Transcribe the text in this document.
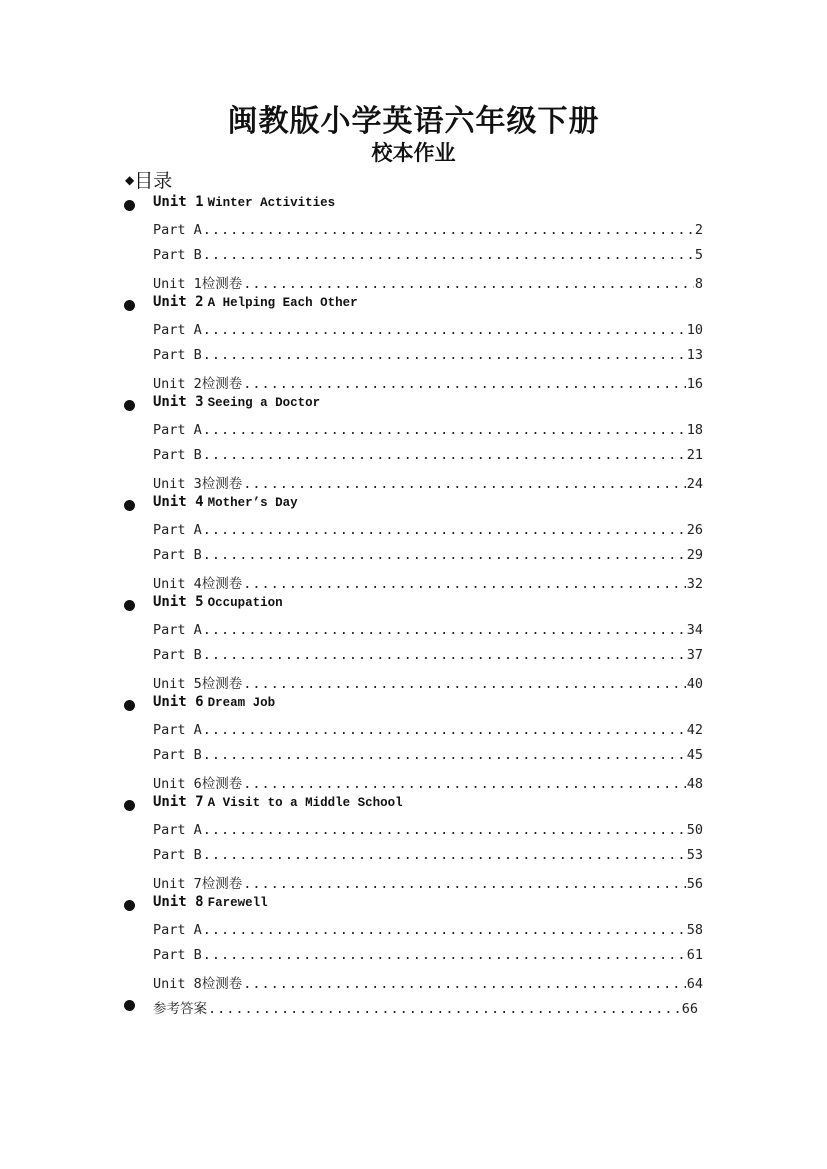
闽教版小学英语六年级下册
校本作业
◆目录
Unit 1 Winter Activities
Part A .....	2
Part B .....	5
Unit 1检测卷 .....	8
Unit 2 A Helping Each Other
Part A .....	10
Part B .....	13
Unit 2检测卷 .....	16
Unit 3 Seeing a Doctor
Part A .....	18
Part B .....	21
Unit 3检测卷 .....	24
Unit 4 Mother’s Day
Part A .....	26
Part B .....	29
Unit 4检测卷 .....	32
Unit 5 Occupation
Part A .....	34
Part B .....	37
Unit 5检测卷 .....	40
Unit 6 Dream Job
Part A .....	42
Part B .....	45
Unit 6检测卷 .....	48
Unit 7 A Visit to a Middle School
Part A .....	50
Part B .....	53
Unit 7检测卷 .....	56
Unit 8 Farewell
Part A .....	58
Part B .....	61
Unit 8检测卷 .....	64
参考答案 .....	66
